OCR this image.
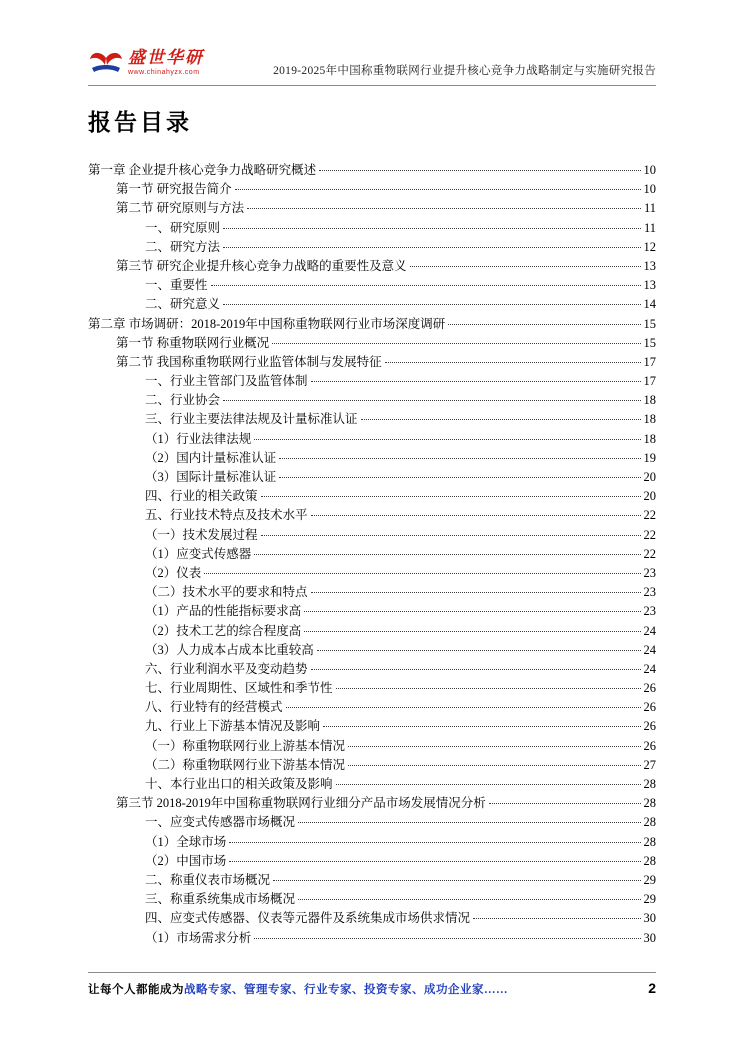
盛世华研
www.chinahyzx.com	2019-2025年中国称重物联网行业提升核心竞争力战略制定与实施研究报告
报告目录
第一章 企业提升核心竞争力战略研究概述	10
第一节 研究报告简介	10
第二节 研究原则与方法	11
一、研究原则	11
二、研究方法	12
第三节 研究企业提升核心竞争力战略的重要性及意义	13
一、重要性	13
二、研究意义	14
第二章 市场调研：2018-2019年中国称重物联网行业市场深度调研	15
第一节 称重物联网行业概况	15
第二节 我国称重物联网行业监管体制与发展特征	17
一、行业主管部门及监管体制	17
二、行业协会	18
三、行业主要法律法规及计量标准认证	18
（1）行业法律法规	18
（2）国内计量标准认证	19
（3）国际计量标准认证	20
四、行业的相关政策	20
五、行业技术特点及技术水平	22
（一）技术发展过程	22
（1）应变式传感器	22
（2）仪表	23
（二）技术水平的要求和特点	23
（1）产品的性能指标要求高	23
（2）技术工艺的综合程度高	24
（3）人力成本占成本比重较高	24
六、行业利润水平及变动趋势	24
七、行业周期性、区域性和季节性	26
八、行业特有的经营模式	26
九、行业上下游基本情况及影响	26
（一）称重物联网行业上游基本情况	26
（二）称重物联网行业下游基本情况	27
十、本行业出口的相关政策及影响	28
第三节 2018-2019年中国称重物联网行业细分产品市场发展情况分析	28
一、应变式传感器市场概况	28
（1）全球市场	28
（2）中国市场	28
二、称重仪表市场概况	29
三、称重系统集成市场概况	29
四、应变式传感器、仪表等元器件及系统集成市场供求情况	30
（1）市场需求分析	30
让每个人都能成为战略专家、管理专家、行业专家、投资专家、成功企业家……	2
